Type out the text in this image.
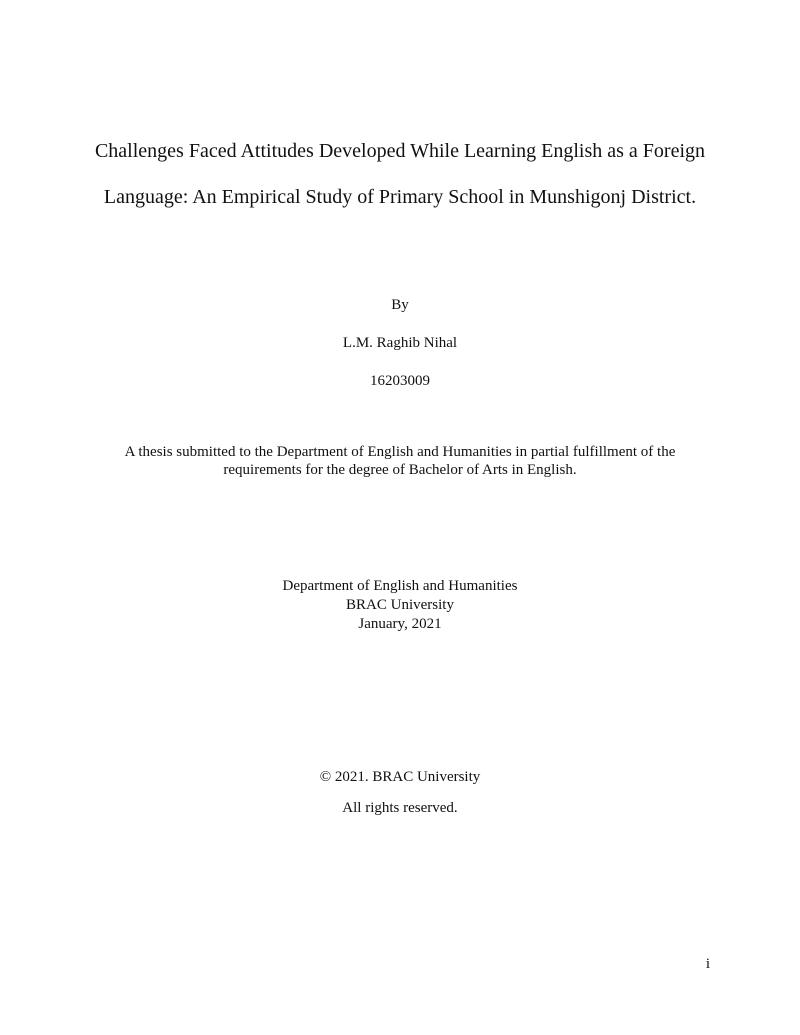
Challenges Faced Attitudes Developed While Learning English as a Foreign
Language: An Empirical Study of Primary School in Munshigonj District.
By
L.M. Raghib Nihal
16203009
A thesis submitted to the Department of English and Humanities in partial fulfillment of the
requirements for the degree of Bachelor of Arts in English.
Department of English and Humanities
BRAC University
January, 2021
© 2021. BRAC University
All rights reserved.
i
